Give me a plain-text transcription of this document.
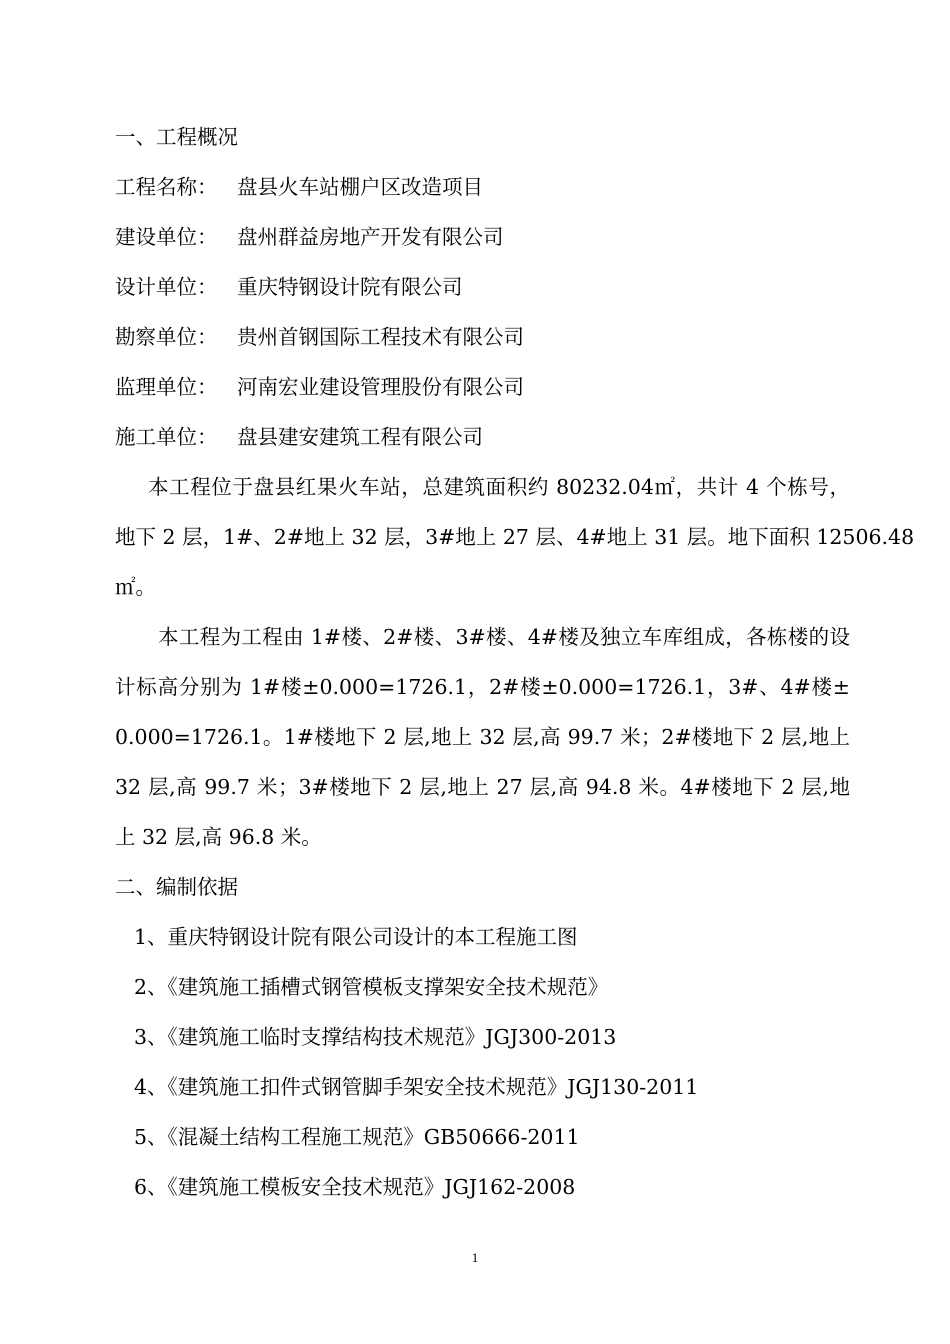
一、工程概况
工程名称： 盘县火车站棚户区改造项目
建设单位： 盘州群益房地产开发有限公司
设计单位： 重庆特钢设计院有限公司
勘察单位： 贵州首钢国际工程技术有限公司
监理单位： 河南宏业建设管理股份有限公司
施工单位： 盘县建安建筑工程有限公司
本工程位于盘县红果火车站，总建筑面积约 80232.04㎡，共计 4 个栋号，
地下 2 层，1#、2#地上 32 层，3#地上 27 层、4#地上 31 层。地下面积 12506.48
㎡。
本工程为工程由 1#楼、2#楼、3#楼、4#楼及独立车库组成，各栋楼的设
计标高分别为 1#楼±0.000=1726.1，2#楼±0.000=1726.1，3#、4#楼±
0.000=1726.1。1#楼地下 2 层,地上 32 层,高 99.7 米；2#楼地下 2 层,地上
32 层,高 99.7 米；3#楼地下 2 层,地上 27 层,高 94.8 米。4#楼地下 2 层,地
上 32 层,高 96.8 米。
二、编制依据
1、重庆特钢设计院有限公司设计的本工程施工图
2、《建筑施工插槽式钢管模板支撑架安全技术规范》
3、《建筑施工临时支撑结构技术规范》JGJ300-2013
4、《建筑施工扣件式钢管脚手架安全技术规范》JGJ130-2011
5、《混凝土结构工程施工规范》GB50666-2011
6、《建筑施工模板安全技术规范》JGJ162-2008
1
